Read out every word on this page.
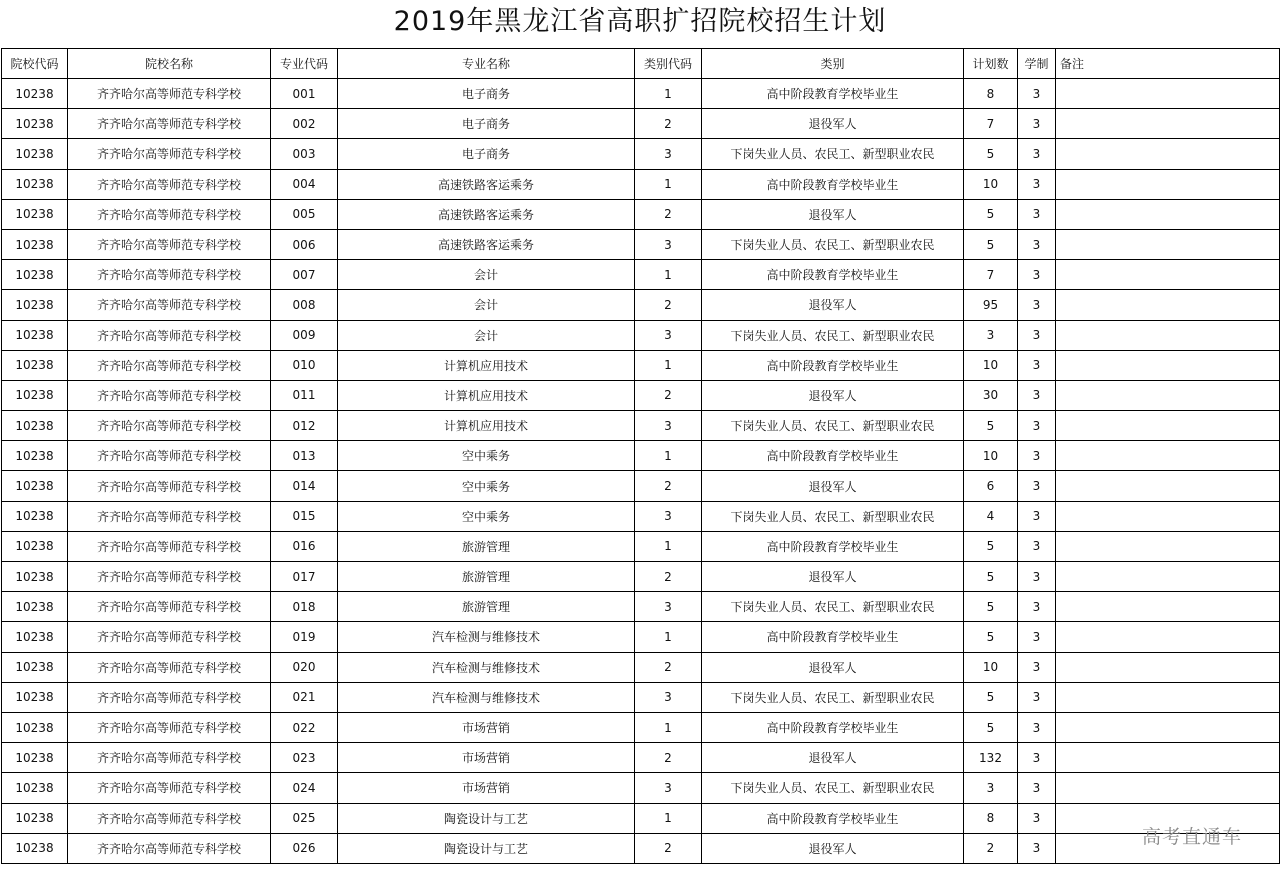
2019年黑龙江省高职扩招院校招生计划
院校代码	院校名称	专业代码	专业名称	类别代码	类别	计划数	学制	备注
10238	齐齐哈尔高等师范专科学校	001	电子商务	1	高中阶段教育学校毕业生	8	3	
10238	齐齐哈尔高等师范专科学校	002	电子商务	2	退役军人	7	3	
10238	齐齐哈尔高等师范专科学校	003	电子商务	3	下岗失业人员、农民工、新型职业农民	5	3	
10238	齐齐哈尔高等师范专科学校	004	高速铁路客运乘务	1	高中阶段教育学校毕业生	10	3	
10238	齐齐哈尔高等师范专科学校	005	高速铁路客运乘务	2	退役军人	5	3	
10238	齐齐哈尔高等师范专科学校	006	高速铁路客运乘务	3	下岗失业人员、农民工、新型职业农民	5	3	
10238	齐齐哈尔高等师范专科学校	007	会计	1	高中阶段教育学校毕业生	7	3	
10238	齐齐哈尔高等师范专科学校	008	会计	2	退役军人	95	3	
10238	齐齐哈尔高等师范专科学校	009	会计	3	下岗失业人员、农民工、新型职业农民	3	3	
10238	齐齐哈尔高等师范专科学校	010	计算机应用技术	1	高中阶段教育学校毕业生	10	3	
10238	齐齐哈尔高等师范专科学校	011	计算机应用技术	2	退役军人	30	3	
10238	齐齐哈尔高等师范专科学校	012	计算机应用技术	3	下岗失业人员、农民工、新型职业农民	5	3	
10238	齐齐哈尔高等师范专科学校	013	空中乘务	1	高中阶段教育学校毕业生	10	3	
10238	齐齐哈尔高等师范专科学校	014	空中乘务	2	退役军人	6	3	
10238	齐齐哈尔高等师范专科学校	015	空中乘务	3	下岗失业人员、农民工、新型职业农民	4	3	
10238	齐齐哈尔高等师范专科学校	016	旅游管理	1	高中阶段教育学校毕业生	5	3	
10238	齐齐哈尔高等师范专科学校	017	旅游管理	2	退役军人	5	3	
10238	齐齐哈尔高等师范专科学校	018	旅游管理	3	下岗失业人员、农民工、新型职业农民	5	3	
10238	齐齐哈尔高等师范专科学校	019	汽车检测与维修技术	1	高中阶段教育学校毕业生	5	3	
10238	齐齐哈尔高等师范专科学校	020	汽车检测与维修技术	2	退役军人	10	3	
10238	齐齐哈尔高等师范专科学校	021	汽车检测与维修技术	3	下岗失业人员、农民工、新型职业农民	5	3	
10238	齐齐哈尔高等师范专科学校	022	市场营销	1	高中阶段教育学校毕业生	5	3	
10238	齐齐哈尔高等师范专科学校	023	市场营销	2	退役军人	132	3	
10238	齐齐哈尔高等师范专科学校	024	市场营销	3	下岗失业人员、农民工、新型职业农民	3	3	
10238	齐齐哈尔高等师范专科学校	025	陶瓷设计与工艺	1	高中阶段教育学校毕业生	8	3	
10238	齐齐哈尔高等师范专科学校	026	陶瓷设计与工艺	2	退役军人	2	3	
高考直通车
